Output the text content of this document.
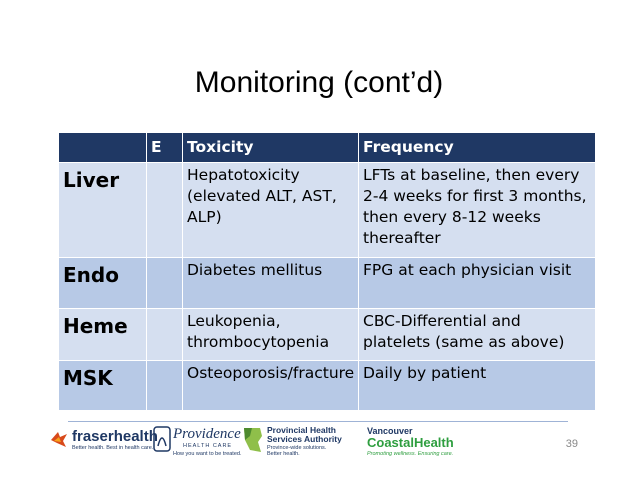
Monitoring (cont’d)
	E	Toxicity	Frequency
Liver		Hepatotoxicity (elevated ALT, AST, ALP)	LFTs at baseline, then every 2-4 weeks for first 3 months, then every 8-12 weeks thereafter
Endo		Diabetes mellitus	FPG at each physician visit
Heme		Leukopenia, thrombocytopenia	CBC-Differential and platelets (same as above)
MSK		Osteoporosis/fracture	Daily by patient
fraserhealth
Better health. Best in health care.
Providence
HEALTH CARE
How you want to be treated.
Provincial Health
Services Authority
Province-wide solutions.
Better health.
Vancouver
CoastalHealth
Promoting wellness. Ensuring care.
39
